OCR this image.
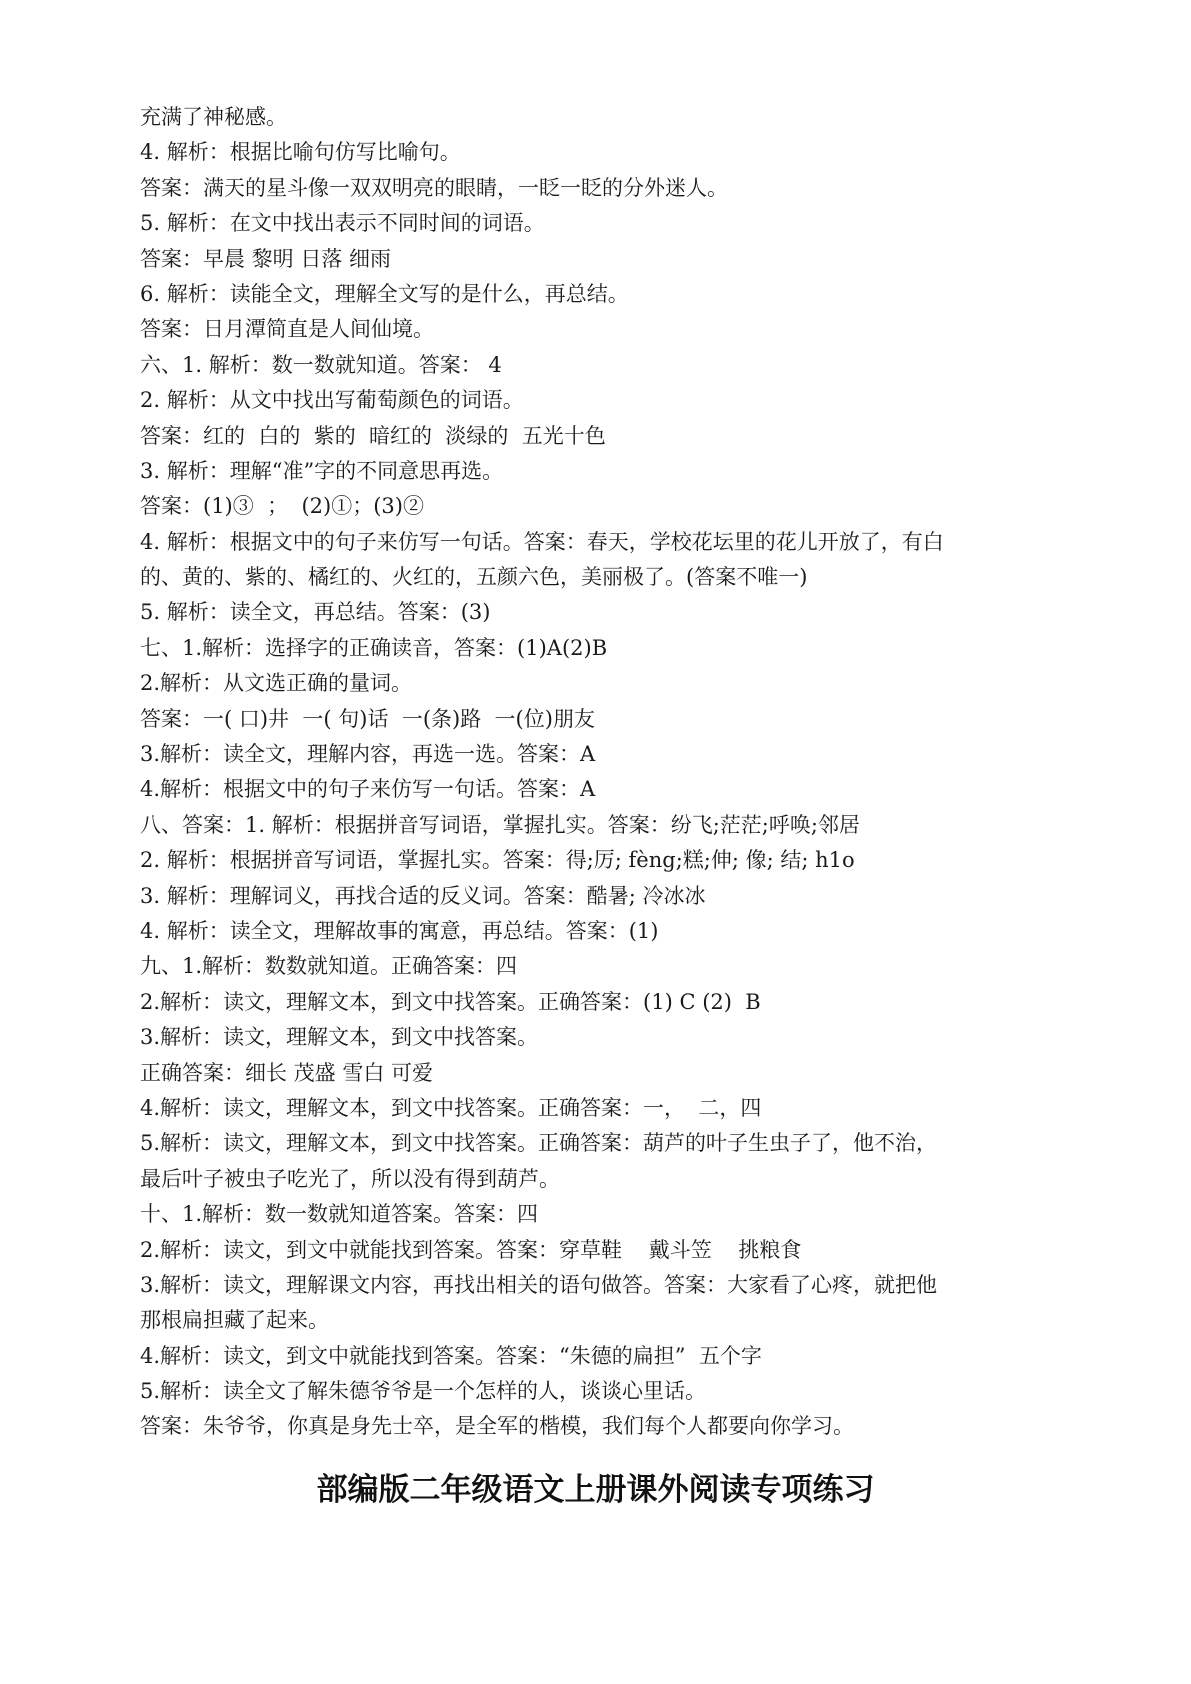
充满了神秘感。
4. 解析：根据比喻句仿写比喻句。
答案：满天的星斗像一双双明亮的眼睛，一眨一眨的分外迷人。
5. 解析：在文中找出表示不同时间的词语。
答案：早晨 黎明 日落 细雨
6. 解析：读能全文，理解全文写的是什么，再总结。
答案：日月潭简直是人间仙境。
六、1. 解析：数一数就知道。答案： 4
2. 解析：从文中找出写葡萄颜色的词语。
答案：红的  白的  紫的  暗红的  淡绿的  五光十色
3. 解析：理解“准”字的不同意思再选。
答案：(1)③  ；  (2)①；(3)②
4. 解析：根据文中的句子来仿写一句话。答案：春天，学校花坛里的花儿开放了，有白
的、黄的、紫的、橘红的、火红的，五颜六色，美丽极了。(答案不唯一)
5. 解析：读全文，再总结。答案：(3)
七、1.解析：选择字的正确读音，答案：(1)A(2)B
2.解析：从文选正确的量词。
答案：一( 口)井  一( 句)话  一(条)路  一(位)朋友
3.解析：读全文，理解内容，再选一选。答案：A
4.解析：根据文中的句子来仿写一句话。答案：A
八、答案：1. 解析：根据拼音写词语，掌握扎实。答案：纷飞;茫茫;呼唤;邻居
2. 解析：根据拼音写词语，掌握扎实。答案：得;厉; fèng;糕;伸; 像; 结; h1o
3. 解析：理解词义，再找合适的反义词。答案：酷暑; 冷冰冰
4. 解析：读全文，理解故事的寓意，再总结。答案：(1)
九、1.解析：数数就知道。正确答案：四
2.解析：读文，理解文本，到文中找答案。正确答案：(1) C (2)  B
3.解析：读文，理解文本，到文中找答案。
正确答案：细长 茂盛 雪白 可爱
4.解析：读文，理解文本，到文中找答案。正确答案：一，  二，四
5.解析：读文，理解文本，到文中找答案。正确答案：葫芦的叶子生虫子了，他不治，
最后叶子被虫子吃光了，所以没有得到葫芦。
十、1.解析：数一数就知道答案。答案：四
2.解析：读文，到文中就能找到答案。答案：穿草鞋    戴斗笠    挑粮食
3.解析：读文，理解课文内容，再找出相关的语句做答。答案：大家看了心疼，就把他
那根扁担藏了起来。
4.解析：读文，到文中就能找到答案。答案：“朱德的扁担”  五个字
5.解析：读全文了解朱德爷爷是一个怎样的人，谈谈心里话。
答案：朱爷爷，你真是身先士卒，是全军的楷模，我们每个人都要向你学习。
部编版二年级语文上册课外阅读专项练习
